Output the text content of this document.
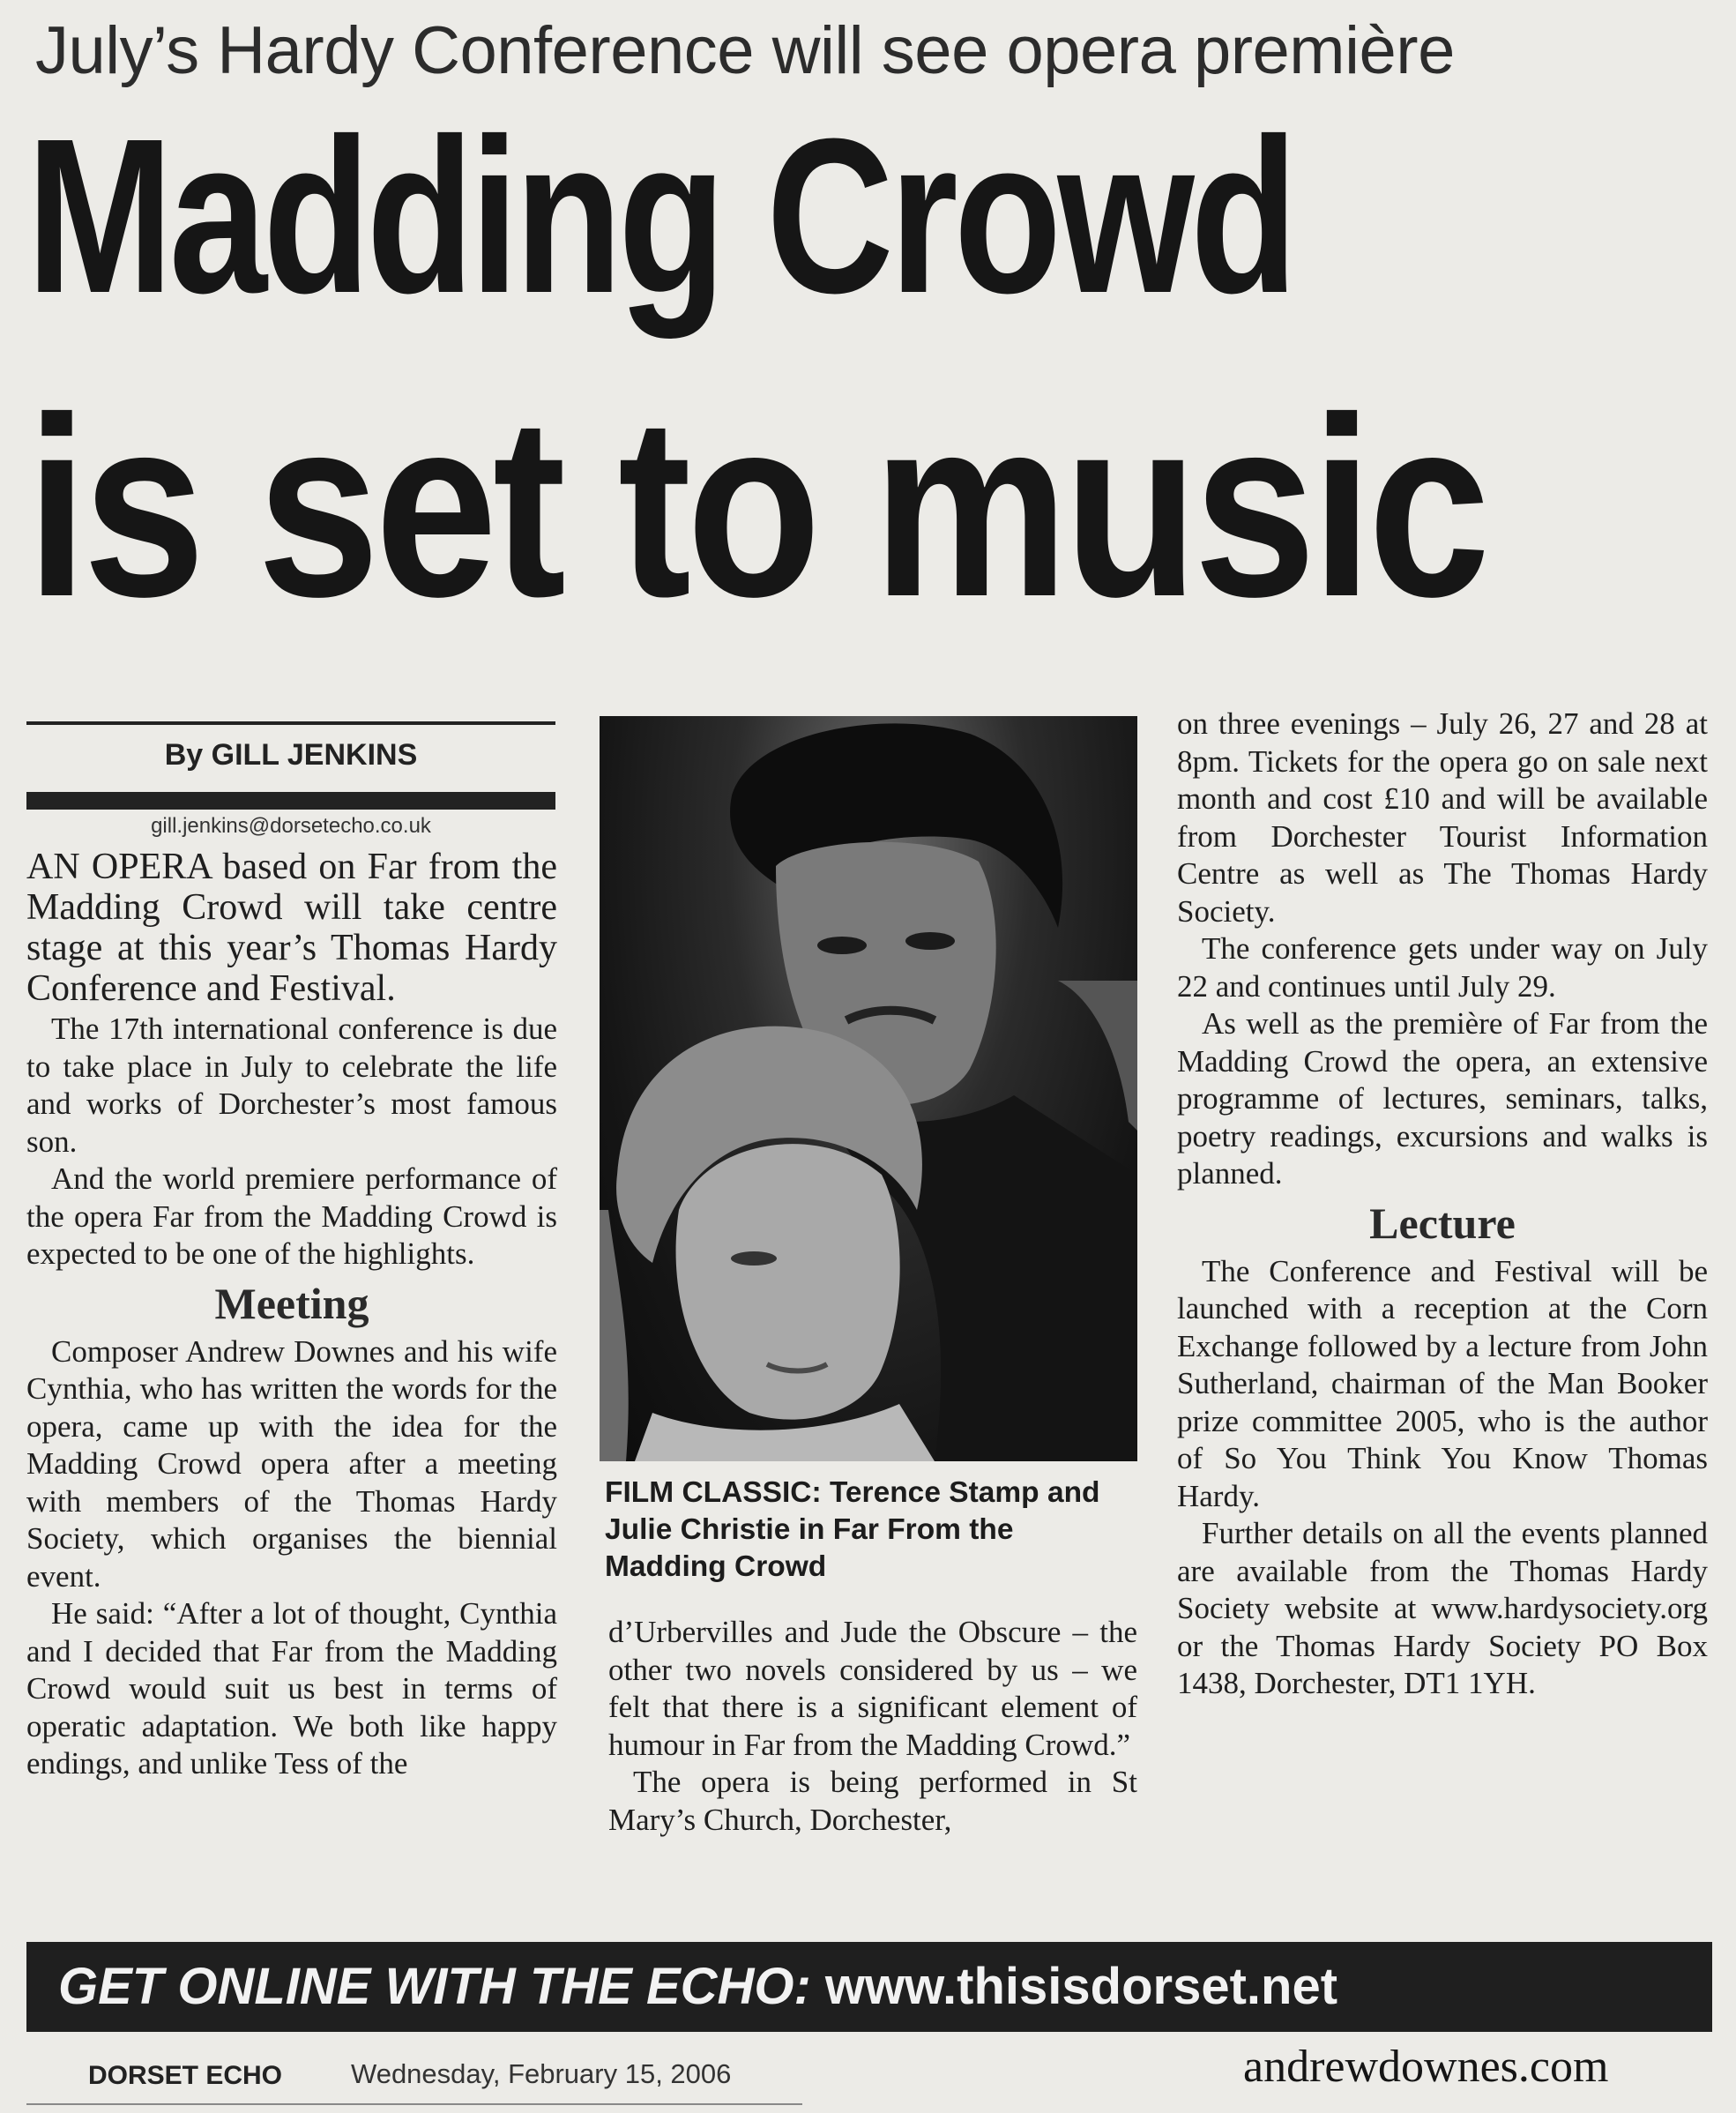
July’s Hardy Conference will see opera première
Madding Crowd
is set to music
By GILL JENKINS
gill.jenkins@dorsetecho.co.uk

AN OPERA based on Far from the Madding Crowd will take centre stage at this year’s Thomas Hardy Conference and Festival.

The 17th international conference is due to take place in July to celebrate the life and works of Dorchester’s most famous son.

And the world premiere performance of the opera Far from the Madding Crowd is expected to be one of the highlights.

Meeting

Composer Andrew Downes and his wife Cynthia, who has written the words for the opera, came up with the idea for the Madding Crowd opera after a meeting with members of the Thomas Hardy Society, which organises the biennial event.

He said: “After a lot of thought, Cynthia and I decided that Far from the Madding Crowd would suit us best in terms of operatic adaptation. We both like happy endings, and unlike Tess of the

FILM CLASSIC: Terence Stamp and Julie Christie in Far From the Madding Crowd

d’Urbervilles and Jude the Obscure – the other two novels considered by us – we felt that there is a significant element of humour in Far from the Madding Crowd.”

The opera is being performed in St Mary’s Church, Dorchester,

on three evenings – July 26, 27 and 28 at 8pm. Tickets for the opera go on sale next month and cost £10 and will be available from Dorchester Tourist Information Centre as well as The Thomas Hardy Society.

The conference gets under way on July 22 and continues until July 29.

As well as the première of Far from the Madding Crowd the opera, an extensive programme of lectures, seminars, talks, poetry readings, excursions and walks is planned.

Lecture

The Conference and Festival will be launched with a reception at the Corn Exchange followed by a lecture from John Sutherland, chairman of the Man Booker prize committee 2005, who is the author of So You Think You Know Thomas Hardy.

Further details on all the events planned are available from the Thomas Hardy Society website at www.hardysociety.org or the Thomas Hardy Society PO Box 1438, Dorchester, DT1 1YH.

GET ONLINE WITH THE ECHO: www.thisisdorset.net
DORSET ECHO	Wednesday, February 15, 2006	andrewdownes.com
